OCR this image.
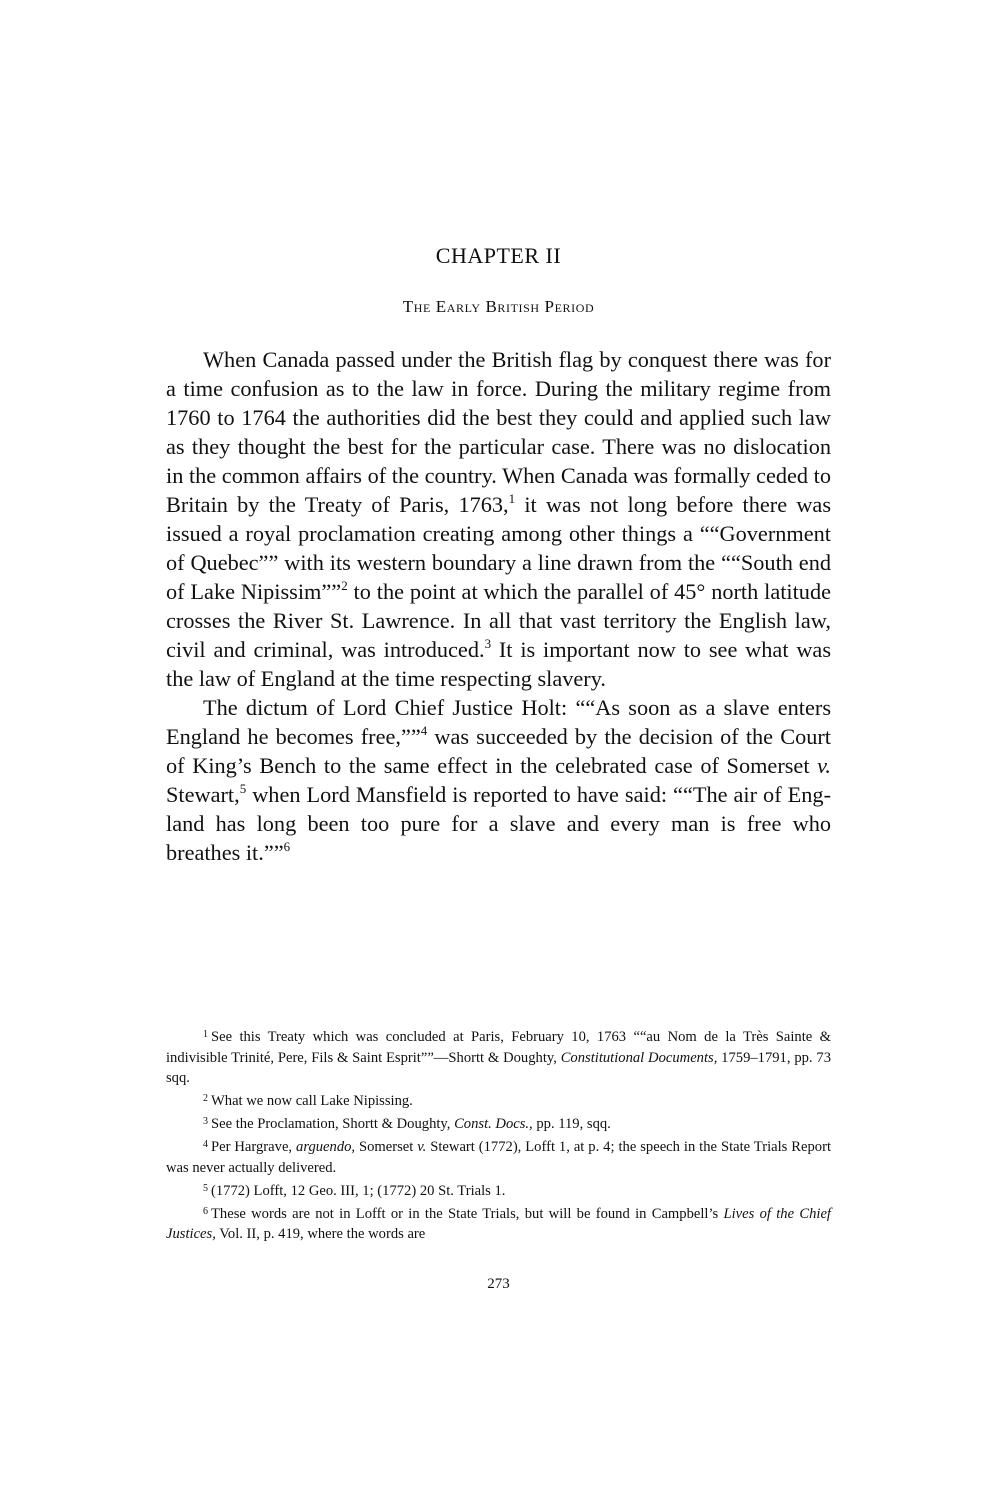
CHAPTER II
The Early British Period

When Canada passed under the British flag by conquest there was for a time confusion as to the law in force. During the military regime from 1760 to 1764 the authorities did the best they could and applied such law as they thought the best for the particular case. There was no dislocation in the common affairs of the country. When Canada was formally ceded to Britain by the Treaty of Paris, 1763,$^1$ it was not long before there was issued a royal proclamation creating among other things a ““Government of Quebec”” with its western boundary a line drawn from the ““South end of Lake Nipissim””$^2$ to the point at which the parallel of 45° north latitude crosses the River St. Lawrence. In all that vast territory the English law, civil and criminal, was introduced.$^3$ It is important now to see what was the law of England at the time respecting slavery.

The dictum of Lord Chief Justice Holt: ““As soon as a slave enters England he becomes free,””$^4$ was succeeded by the decision of the Court of King’s Bench to the same effect in the celebrated case of Somerset v. Stewart,$^5$ when Lord Mansfield is reported to have said: ““The air of England has long been too pure for a slave and every man is free who breathes it.””$^6$

$^1$ See this Treaty which was concluded at Paris, February 10, 1763 ““au Nom de la Très Sainte & indivisible Trinité, Pere, Fils & Saint Esprit””—Shortt & Doughty, Constitutional Documents, 1759–1791, pp. 73 sqq.

$^2$ What we now call Lake Nipissing.

$^3$ See the Proclamation, Shortt & Doughty, Const. Docs., pp. 119, sqq.

$^4$ Per Hargrave, arguendo, Somerset v. Stewart (1772), Lofft 1, at p. 4; the speech in the State Trials Report was never actually delivered.

$^5$ (1772) Lofft, 12 Geo. III, 1; (1772) 20 St. Trials 1.

$^6$ These words are not in Lofft or in the State Trials, but will be found in Campbell’s Lives of the Chief Justices, Vol. II, p. 419, where the words are

273
